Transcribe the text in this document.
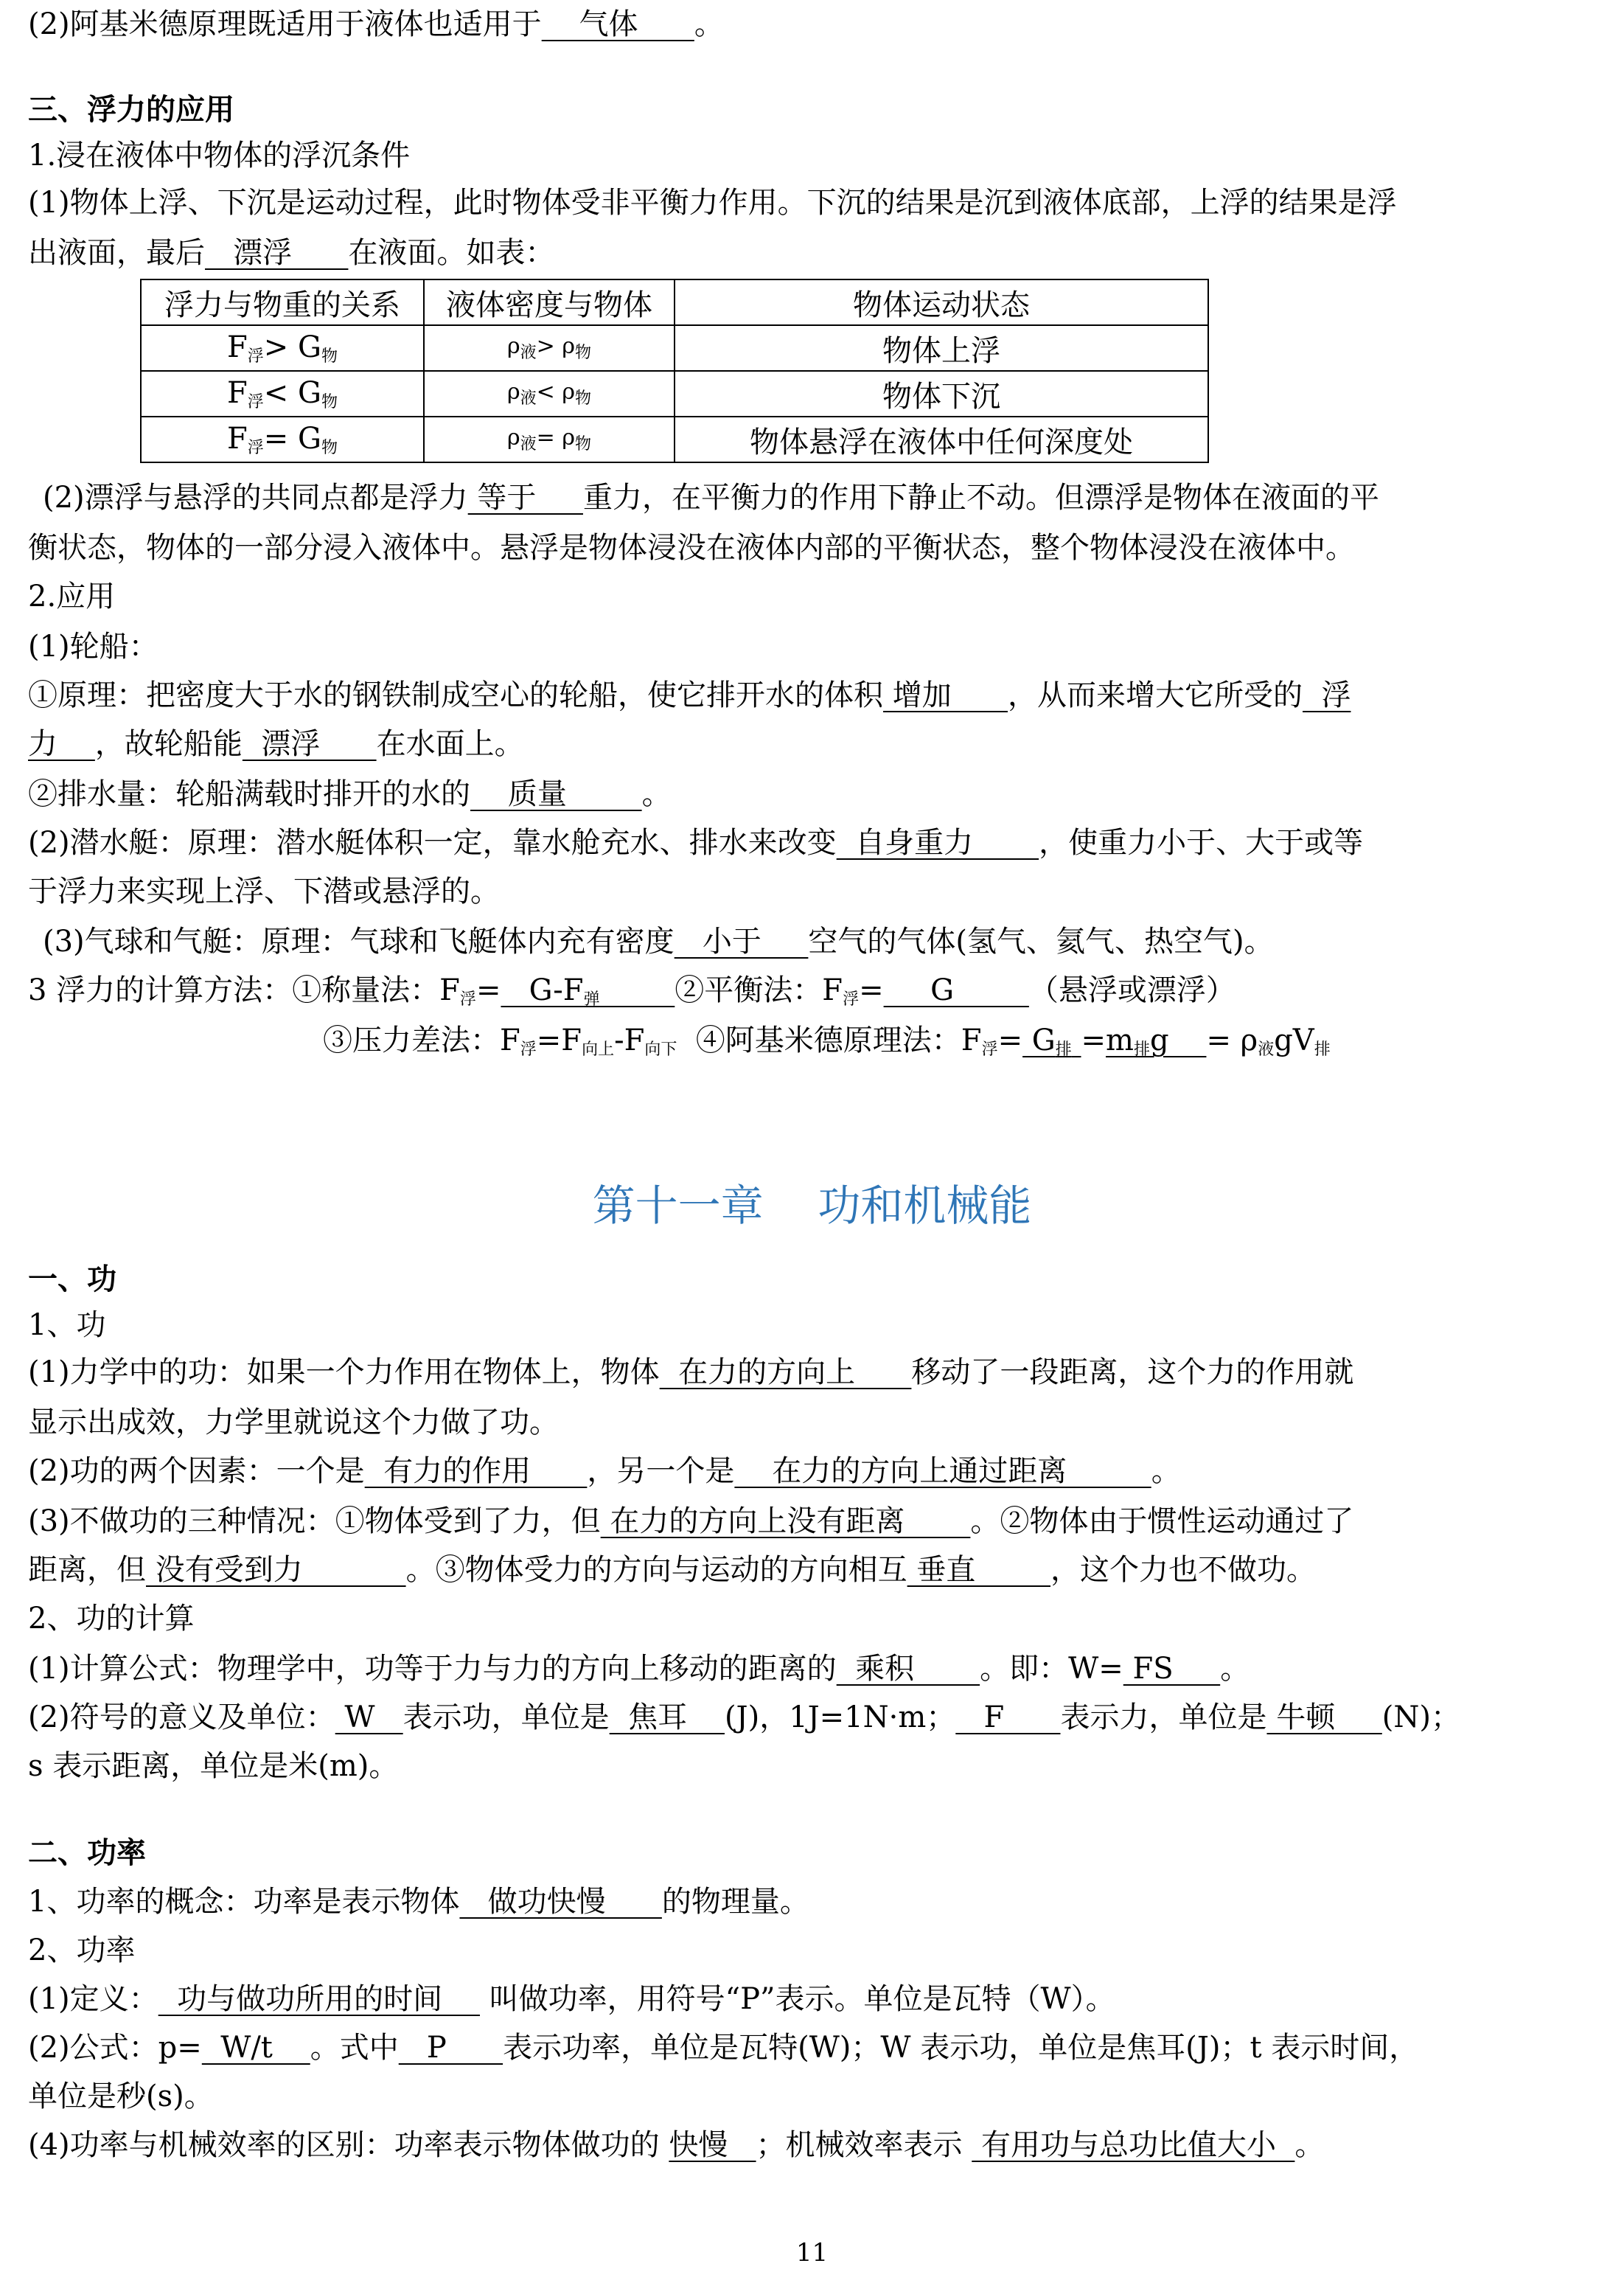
(2)阿基米德原理既适用于液体也适用于    气体      。
三、浮力的应用
1.浸在液体中物体的浮沉条件
(1)物体上浮、下沉是运动过程，此时物体受非平衡力作用。下沉的结果是沉到液体底部，上浮的结果是浮
出液面，最后   漂浮      在液面。如表：
浮力与物重的关系	液体密度与物体	物体运动状态
$F_浮> G_物$	$\rho_液> \rho_物$	物体上浮
$F_浮< G_物$	$\rho_液< \rho_物$	物体下沉
$F_浮= G_物$	$\rho_液= \rho_物$	物体悬浮在液体中任何深度处
(2)漂浮与悬浮的共同点都是浮力 等于     重力，在平衡力的作用下静止不动。但漂浮是物体在液面的平
衡状态，物体的一部分浸入液体中。悬浮是物体浸没在液体内部的平衡状态，整个物体浸没在液体中。
2.应用
(1)轮船：
①原理：把密度大于水的钢铁制成空心的轮船，使它排开水的体积 增加      ，从而来增大它所受的  浮
力    ，故轮船能  漂浮      在水面上。
②排水量：轮船满载时排开的水的    质量        。
(2)潜水艇：原理：潜水艇体积一定，靠水舱充水、排水来改变  自身重力       ，使重力小于、大于或等
于浮力来实现上浮、下潜或悬浮的。
(3)气球和气艇：原理：气球和飞艇体内充有密度   小于     空气的气体(氢气、氦气、热空气)。
3 浮力的计算方法：①称量法：$F_浮= G-F_弹$	②平衡法：$F_浮=$     G        （悬浮或漂浮）
③压力差法：$F_浮=F_{向上}-F_{向下}$  ④阿基米德原理法：$F_浮= G_排 =m_排g$    = $\rho_液gV_排$
第十一章    功和机械能
一、功
1、功
(1)力学中的功：如果一个力作用在物体上，物体  在力的方向上      移动了一段距离，这个力的作用就
显示出成效，力学里就说这个力做了功。
(2)功的两个因素：一个是  有力的作用      ，另一个是    在力的方向上通过距离         。
(3)不做功的三种情况：①物体受到了力，但 在力的方向上没有距离       。②物体由于惯性运动通过了
距离，但 没有受到力           。③物体受力的方向与运动的方向相互 垂直        ，这个力也不做功。
2、功的计算
(1)计算公式：物理学中，功等于力与力的方向上移动的距离的  乘积       。即：W= FS     。
(2)符号的意义及单位： W   表示功，单位是  焦耳    (J)，1J=1N·m；   F      表示力，单位是 牛顿     (N)；
s 表示距离，单位是米(m)。
二、功率
1、功率的概念：功率是表示物体   做功快慢      的物理量。
2、功率
(1)定义：  功与做功所用的时间     叫做功率，用符号“P”表示。单位是瓦特（W）。
(2)公式：p=  W/t    。式中   P      表示功率，单位是瓦特(W)；W 表示功，单位是焦耳(J)；t 表示时间，
单位是秒(s)。
(4)功率与机械效率的区别：功率表示物体做功的 快慢   ；机械效率表示  有用功与总功比值大小  。
11
